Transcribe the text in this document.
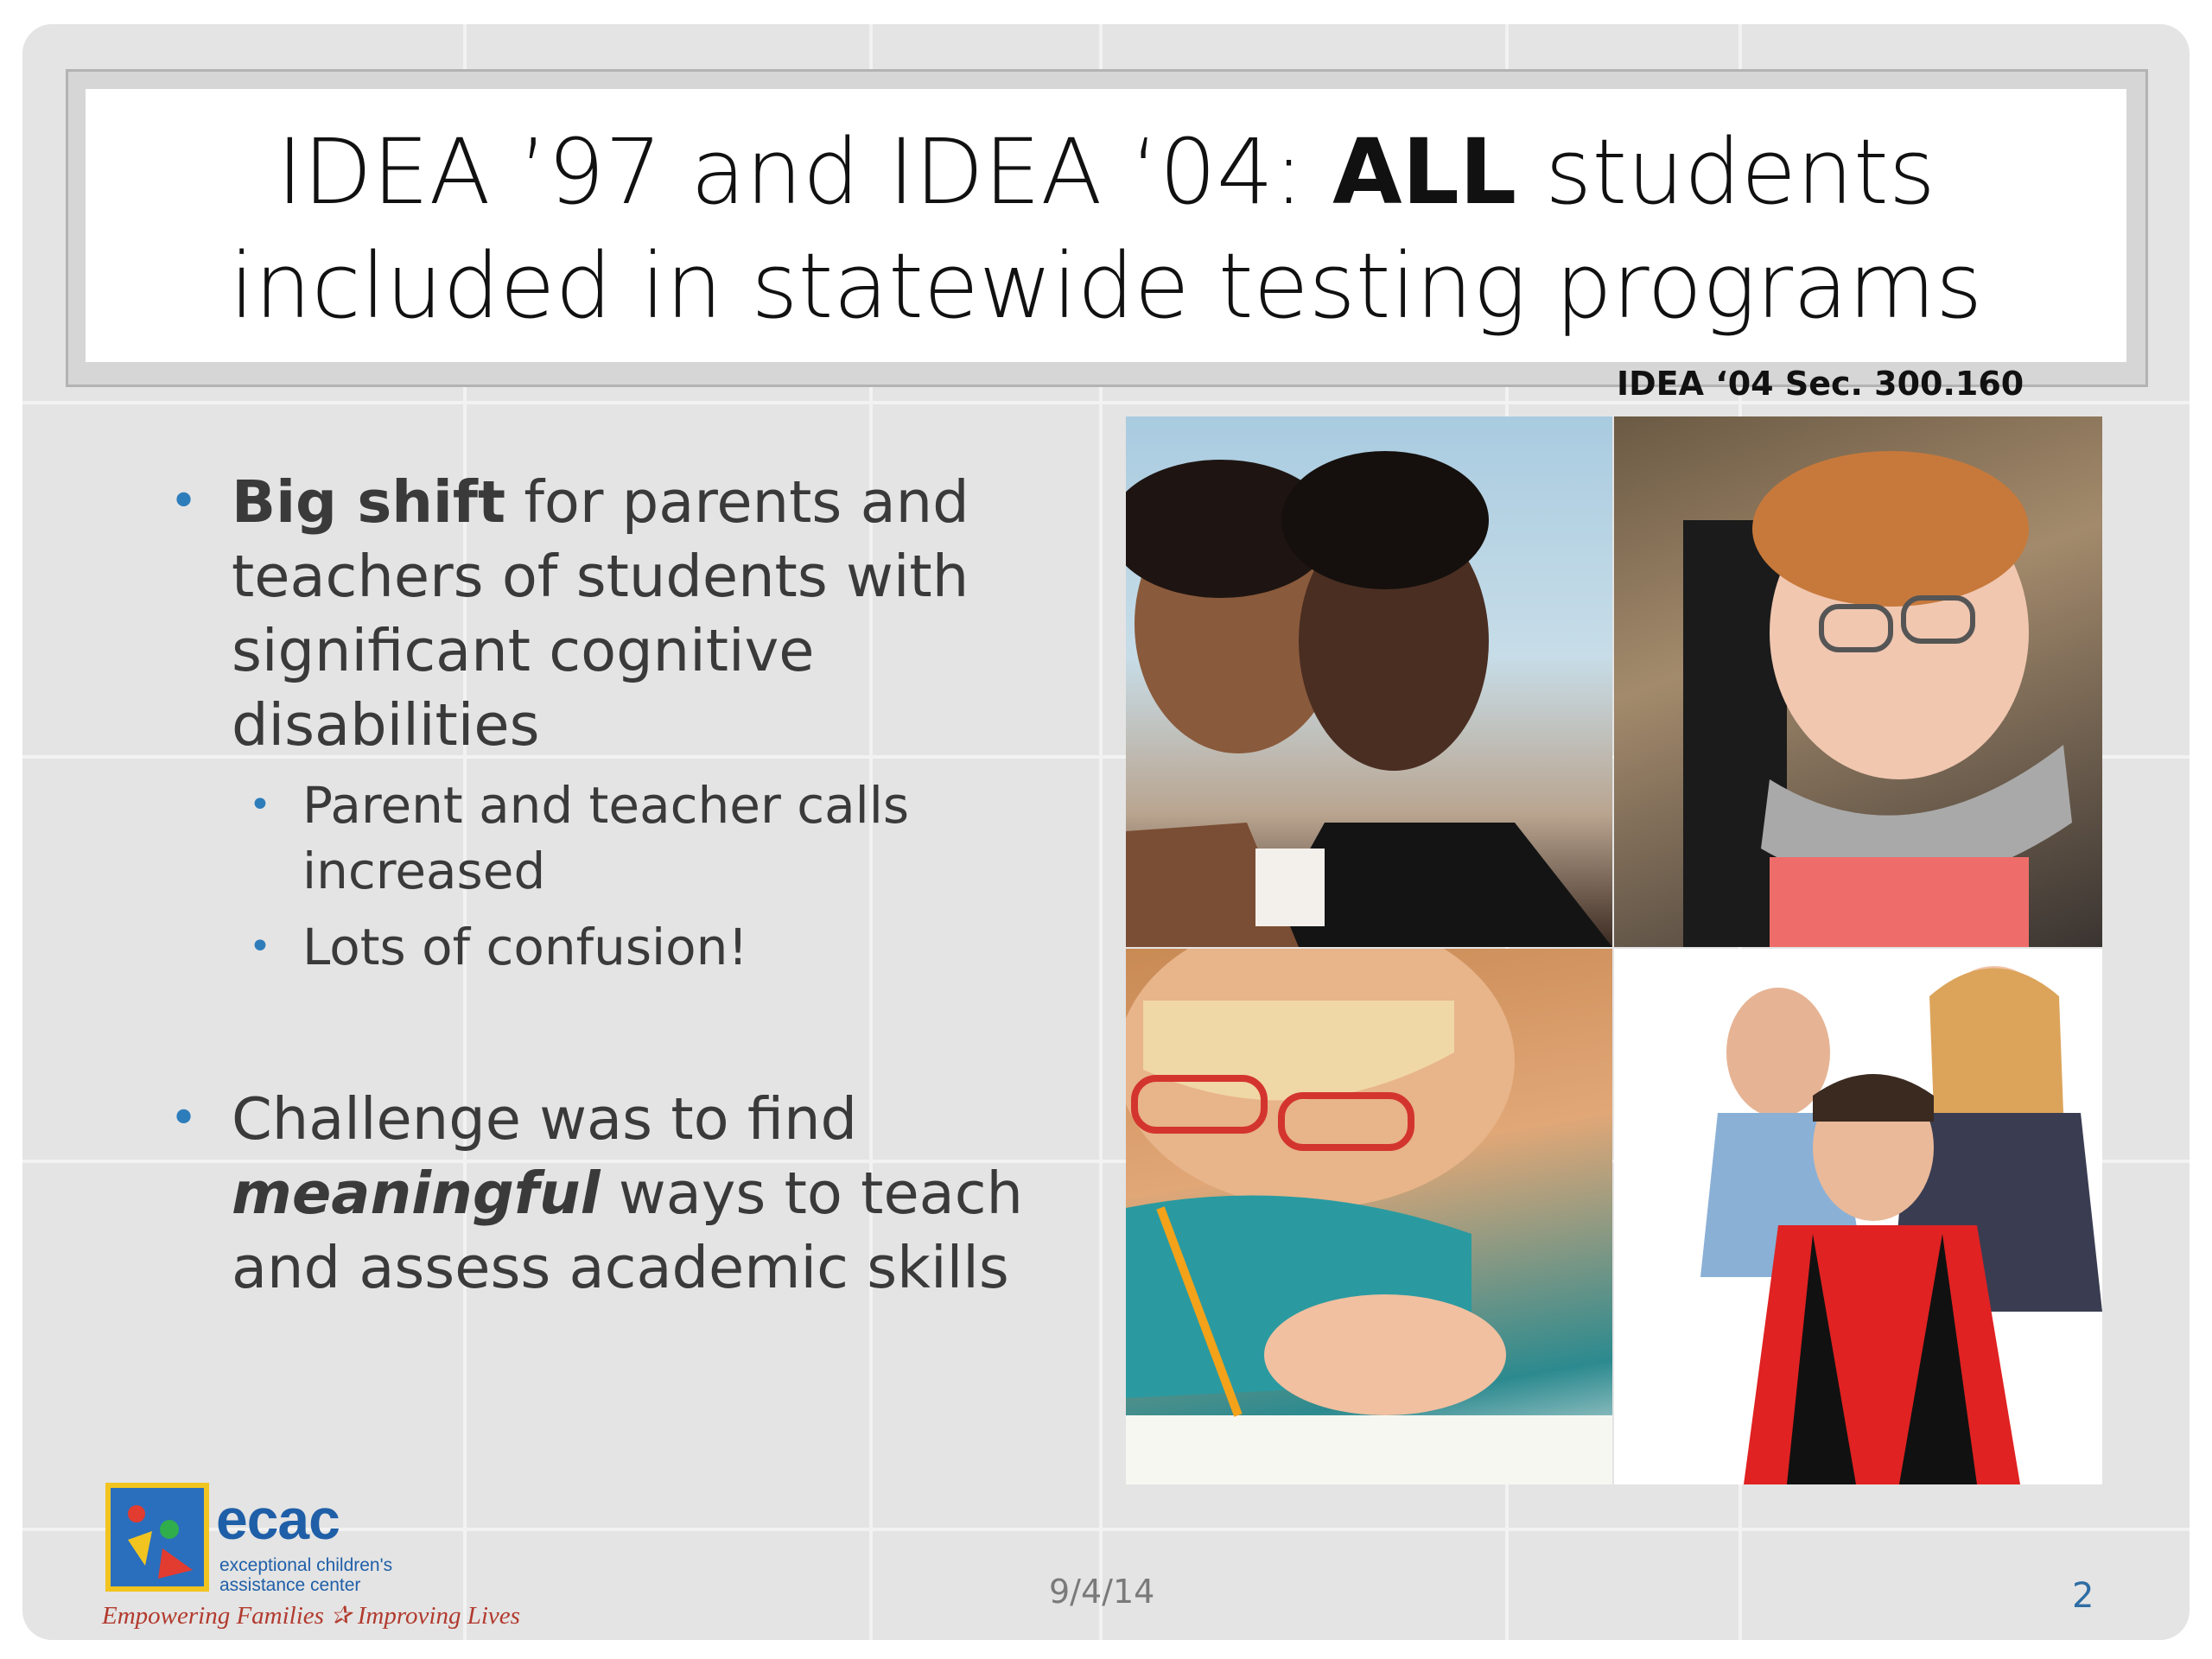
IDEA ’97 and IDEA ‘04: ALL students
included in statewide testing programs
IDEA ‘04 Sec. 300.160
• Big shift for parents and
teachers of students with
significant cognitive
disabilities
• Parent and teacher calls
increased
• Lots of confusion!
• Challenge was to find
meaningful ways to teach
and assess academic skills
ecac
exceptional children's
assistance center
Empowering Families ✰ Improving Lives
9/4/14	2
